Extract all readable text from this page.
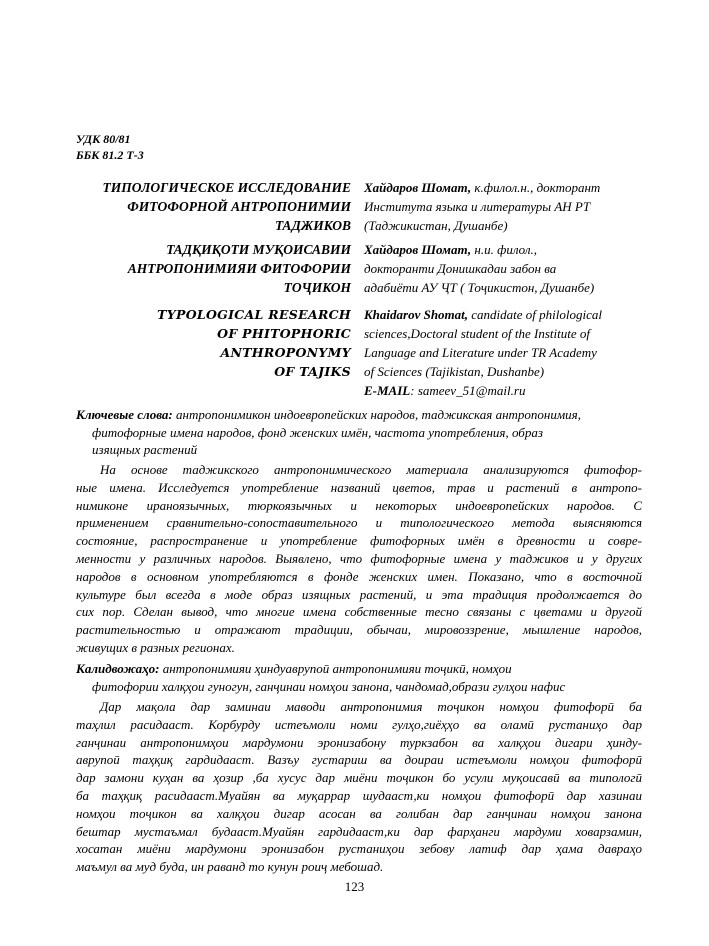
УДК 80/81
ББК 81.2 Т-3
ТИПОЛОГИЧЕСКОЕ ИССЛЕДОВАНИЕ
ФИТОФОРНОЙ АНТРОПОНИМИИ
ТАДЖИКОВ
Хайдаров Шомат, к.филол.н., докторант
Института языка и литературы АН РТ
(Таджикистан, Душанбе)
ТАДҚИҚОТИ МУҚОИСАВИИ
АНТРОПОНИМИЯИ ФИТОФОРИИ
ТОҶИКОН
Хайдаров Шомат, н.и. филол.,
докторанти Донишкадаи забон ва
адабиёти АУ ҶТ ( Тоҷикистон, Душанбе)
TYPOLOGICAL RESEARCH
OF PHITOPHORIC
ANTHROPONYMY
OF TAJIKS
Khaidarov Shomat, candidate of philological
sciences,Doctoral student of the Institute of
Language and Literature under TR Academy
of Sciences (Tajikistan, Dushanbe)
E-MAIL: sameev_51@mail.ru
Ключевые слова: антропонимикон индоевропейских народов, таджикская антропонимия,
фитофорные имена народов, фонд женских имён, частота употребления, образ
изящных растений
На основе таджикского антропонимического материала анализируются фитофор-
ные имена. Исследуется употребление названий цветов, трав и растений в антропо-
нимиконе ираноязычных, тюркоязычных и некоторых индоевропейских народов. С
применением сравнительно-сопоставительного и типологического метода выясняются
состояние, распространение и употребление фитофорных имён в древности и совре-
менности у различных народов. Выявлено, что фитофорные имена у таджиков и у других
народов в основном употребляются в фонде женских имен. Показано, что в восточной
культуре был всегда в моде образ изящных растений, и эта традиция продолжается до
сих пор. Сделан вывод, что многие имена собственные тесно связаны с цветами и другой
растительностью и отражают традиции, обычаи, мировоззрение, мышление народов,
живущих в разных регионах.
Калидвожаҳо: антропонимияи ҳиндуаврупоӣ антропонимияи тоҷикӣ, номҳои
фитофории халқҳои гуногун, ганҷинаи номҳои занона, чандомад,образи гулҳои нафис
Дар мақола дар заминаи маводи антропонимия тоҷикон номҳои фитофорӣ ба
таҳлил расидааст. Корбурду истеъмоли номи гулҳо,гиёҳҳо ва оламӣ рустаниҳо дар
ганҷинаи антропонимҳои мардумони эронизабону туркзабон ва халқҳои дигари ҳинду-
аврупоӣ таҳқиқ гардидааст. Вазъу густариш ва доираи истеъмоли номҳои фитофорӣ
дар замони куҳан ва ҳозир ,ба хусус дар миёни тоҷикон бо усули муқоисавӣ ва типологӣ
ба таҳқиқ расидааст.Муайян ва муқаррар шудааст,ки номҳои фитофорӣ дар хазинаи
номҳои тоҷикон ва халқҳои дигар асосан ва голибан дар ганҷинаи номҳои занона
бештар мустаъмал будааст.Муайян гардидааст,ки дар фарҳанги мардуми ховарзамин,
хосатан миёни мардумони эронизабон рустаниҳои зебову латиф дар ҳама давраҳо
маъмул ва муд буда, ин раванд то кунун роиҷ мебошад.
123
